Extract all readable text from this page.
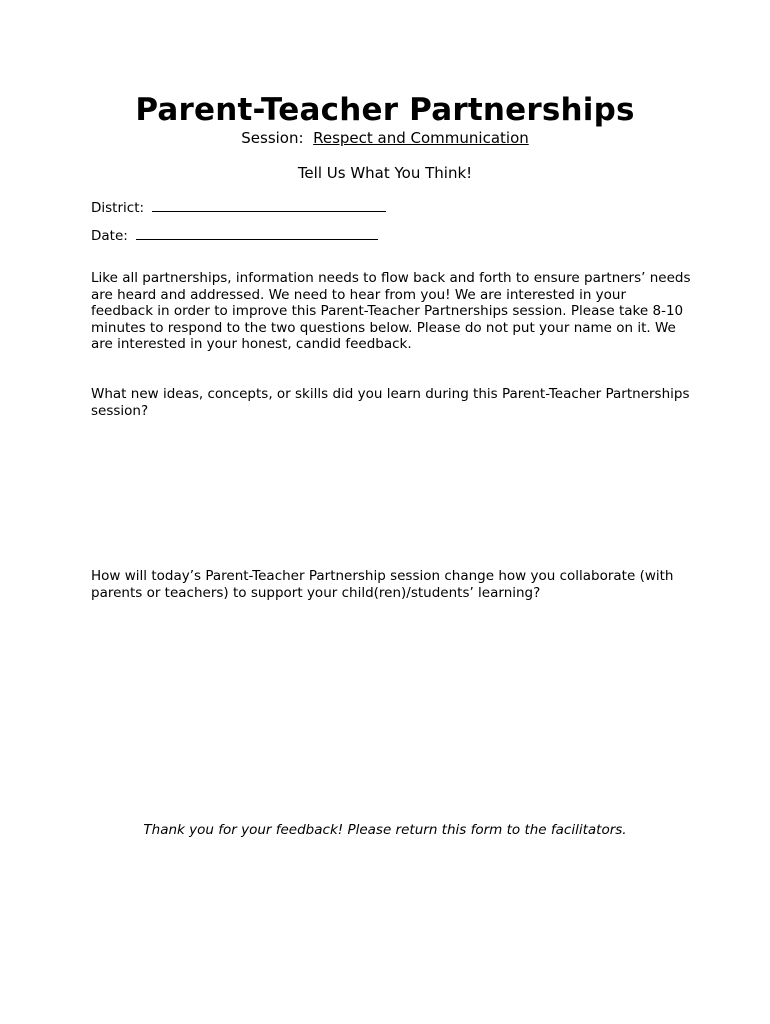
Parent-Teacher Partnerships
Session: Respect and Communication
Tell Us What You Think!
District:
Date:
Like all partnerships, information needs to flow back and forth to ensure partners’ needs are heard and addressed. We need to hear from you! We are interested in your feedback in order to improve this Parent-Teacher Partnerships session. Please take 8-10 minutes to respond to the two questions below. Please do not put your name on it. We are interested in your honest, candid feedback.
What new ideas, concepts, or skills did you learn during this Parent-Teacher Partnerships session?
How will today’s Parent-Teacher Partnership session change how you collaborate (with parents or teachers) to support your child(ren)/students’ learning?
Thank you for your feedback! Please return this form to the facilitators.
